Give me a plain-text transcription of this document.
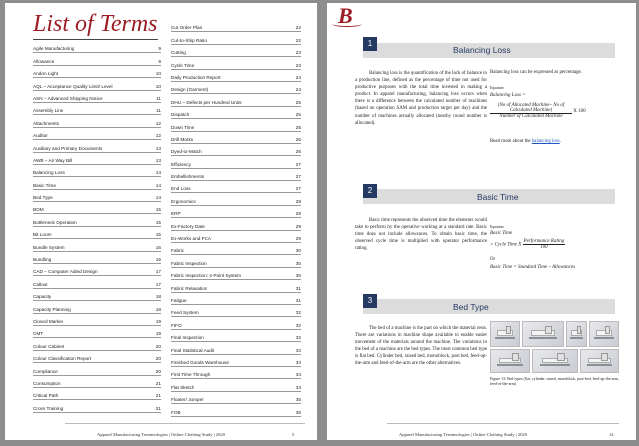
List of Terms
Agile Manufacturing	9
Allowance	9
Andon Light	10
AQL – Acceptance Quality Limit/ Level	10
ASN – Advanced Shipping Notice	11
Assembly Line	11
Attachments	12
Auditor	12
Auxiliary and Primary Documents	13
AWB – Air Way Bill	13
Balancing Loss	14
Basic Time	14
Bed Type	14
BOM	15
Bottleneck Operation	15
Bit Loom	15
Bundle System	16
Bundling	16
CAD – Computer Aided Design	17
Callout	17
Capacity	18
Capacity Planning	18
Closed Marker	19
CMT	19
Colour Cabinet	20
Colour Classification Report	20
Compliance	20
Consumption	21
Critical Path	21
Cross Training	21
Cut Order Plan	22
Cut-to-Ship Ratio	22
Cutting	23
Cycle Time	23
Daily Production Report	24
Design (Garment)	24
DHU – Defects per Hundred Units	25
Dispatch	25
Down Time	25
Drill Marks	26
Dyed-to-Match	26
Efficiency	27
Embellishments	27
End Loss	27
Ergonomics	28
ERP	28
Ex-Factory Date	29
Ex-Works and FCA	29
Fabric	30
Fabric Inspection	30
Fabric Inspection: 4-Point System	30
Fabric Relaxation	31
Fatigue	31
Feed System	32
FIFO	32
Final Inspection	32
Final Statistical Audit	33
Finished Goods Warehouse	33
First Time Through	34
Flat Sketch	34
Floater/ Jumper	35
FOB	35
Apparel Manufacturing Terminologies | Online Clothing Study | 2020	5
B
1
Balancing Loss
Balancing loss is the quantification of the lack of balance in a production line, defined as the percentage of time not used for productive purposes with the total time invested in making a product. In apparel manufacturing, balancing loss occurs when there is a difference between the calculated number of machines (based on operation SAM and production target per day) and the number of machines actually allocated (nearby round number is allocated).
Balancing loss can be expressed as percentage.
Equation:
Balancing Loss =
$\frac{\text{(No of Allocated Machine– No of Calculated Machine)}}{\text{Number of Calculated Machine}}$ X 100
Read more about the balancing loss.
2
Basic Time
Basic time represents the observed time the elements would take to perform by the operative working at a standard rate. Basic time does not include allowances. To obtain basic time, the observed cycle time is multiplied with operator performance rating.
Equation:
Basic Time
= Cycle Time X $\frac{\text{Performance Rating}}{100}$
Or
Basic Time = Standard Time – Allowances
3
Bed Type
The bed of a machine is the part on which the material rests. There are variations in machine shape available to enable easier movement of the materials around the machine. The variations in the bed of a machine are the bed types. The most common bed type is flat bed. Cylinder bed, raised bed, monoblock, post bed, feed-up-the-arm and feed-of-the-arm are the other alternatives.
Figure 13: Bed types (flat, cylinder, raised, monoblock, post-bed, feed-up-the-arm, feed-of-the-arm)
Apparel Manufacturing Terminologies | Online Clothing Study | 2020	14
